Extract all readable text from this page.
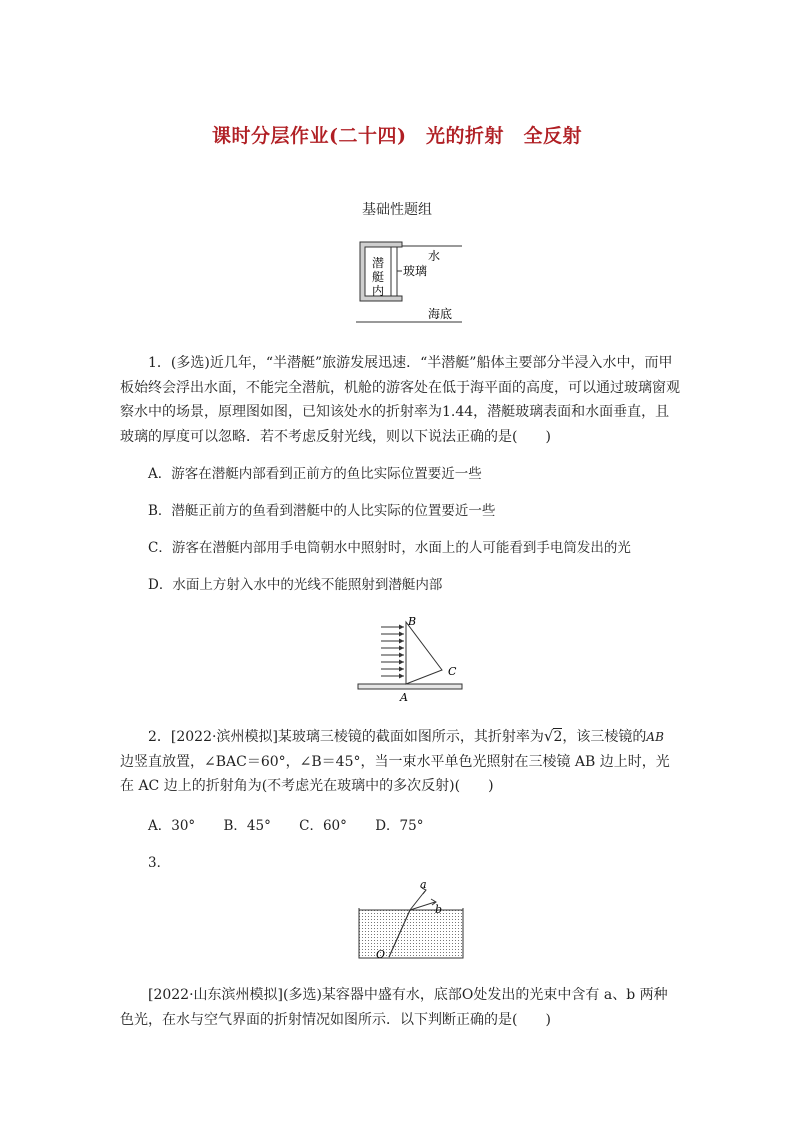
课时分层作业(二十四)　光的折射　全反射
基础性题组
水
玻璃
海底
潜
艇
内
1．(多选)近几年，“半潜艇”旅游发展迅速．“半潜艇”船体主要部分半浸入水中，而甲板始终会浮出水面，不能完全潜航，机舱的游客处在低于海平面的高度，可以通过玻璃窗观察水中的场景，原理图如图，已知该处水的折射率为1.44，潜艇玻璃表面和水面垂直，且玻璃的厚度可以忽略．若不考虑反射光线，则以下说法正确的是(　　)
A．游客在潜艇内部看到正前方的鱼比实际位置要近一些
B．潜艇正前方的鱼看到潜艇中的人比实际的位置要近一些
C．游客在潜艇内部用手电筒朝水中照射时，水面上的人可能看到手电筒发出的光
D．水面上方射入水中的光线不能照射到潜艇内部
B
C
A
2．[2022·滨州模拟]某玻璃三棱镜的截面如图所示，其折射率为√2，该三棱镜的AB
边竖直放置，∠BAC＝60°，∠B＝45°，当一束水平单色光照射在三棱镜 AB 边上时，光在 AC 边上的折射角为(不考虑光在玻璃中的多次反射)(　　)
A．30° B．45° C．60° D．75°
3．
a
b
O
[2022·山东滨州模拟](多选)某容器中盛有水，底部O处发出的光束中含有 a、b 两种色光，在水与空气界面的折射情况如图所示．以下判断正确的是(　　)
